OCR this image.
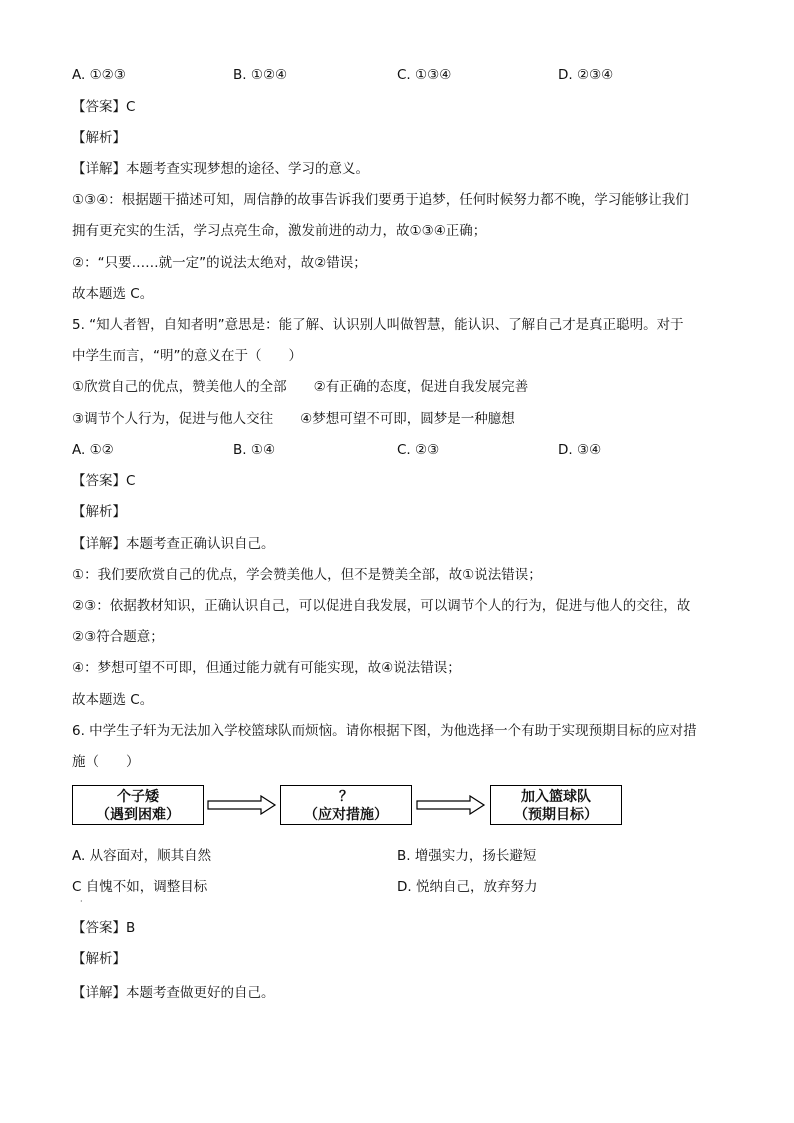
A. ①②③	B. ①②④	C. ①③④	D. ②③④
【答案】C
【解析】
【详解】本题考查实现梦想的途径、学习的意义。
①③④：根据题干描述可知，周信静的故事告诉我们要勇于追梦，任何时候努力都不晚，学习能够让我们
拥有更充实的生活，学习点亮生命，激发前进的动力，故①③④正确；
②：“只要……就一定”的说法太绝对，故②错误；
故本题选 C。
5. “知人者智，自知者明”意思是：能了解、认识别人叫做智慧，能认识、了解自己才是真正聪明。对于
中学生而言，“明”的意义在于（　　）
①欣赏自己的优点，赞美他人的全部　　②有正确的态度，促进自我发展完善
③调节个人行为，促进与他人交往　　④梦想可望不可即，圆梦是一种臆想
A. ①②	B. ①④	C. ②③	D. ③④
【答案】C
【解析】
【详解】本题考查正确认识自己。
①：我们要欣赏自己的优点，学会赞美他人，但不是赞美全部，故①说法错误；
②③：依据教材知识，正确认识自己，可以促进自我发展，可以调节个人的行为，促进与他人的交往，故
②③符合题意；
④：梦想可望不可即，但通过能力就有可能实现，故④说法错误；
故本题选 C。
6. 中学生子轩为无法加入学校篮球队而烦恼。请你根据下图，为他选择一个有助于实现预期目标的应对措
施（　　）
个子矮
（遇到困难）
？
（应对措施）
加入篮球队
（预期目标）
A. 从容面对，顺其自然	B. 增强实力，扬长避短
C 自愧不如，调整目标	D. 悦纳自己，放弃努力
·
【答案】B
【解析】
【详解】本题考查做更好的自己。
